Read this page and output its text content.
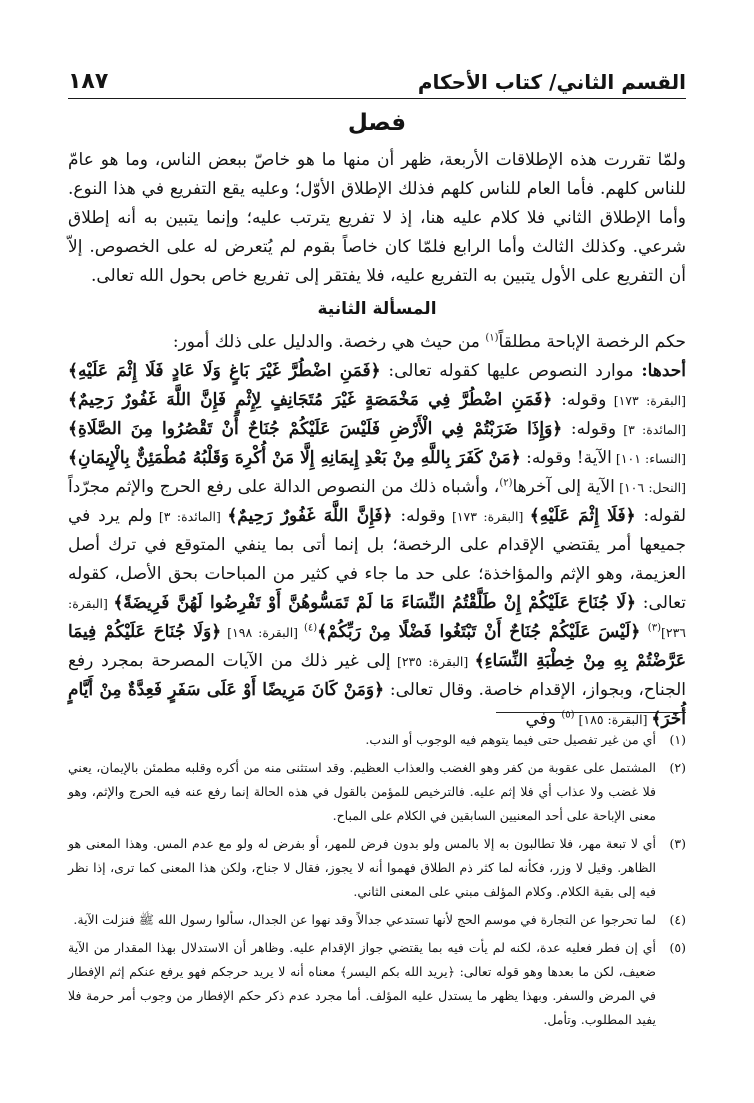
القسم الثاني/ كتاب الأحكام
١٨٧
فصل

ولمّا تقررت هذه الإطلاقات الأربعة، ظهر أن منها ما هو خاصّ ببعض الناس، وما هو عامّ للناس كلهم. فأما العام للناس كلهم فذلك الإطلاق الأوّل؛ وعليه يقع التفريع في هذا النوع. وأما الإطلاق الثاني فلا كلام عليه هنا، إذ لا تفريع يترتب عليه؛ وإنما يتبين به أنه إطلاق شرعي. وكذلك الثالث وأما الرابع فلمّا كان خاصاً بقوم لم يُتعرض له على الخصوص. إلاّ أن التفريع على الأول يتبين به التفريع عليه، فلا يفتقر إلى تفريع خاص بحول الله تعالى.

المسألة الثانية

حكم الرخصة الإباحة مطلقاً$^{(١)}$ من حيث هي رخصة. والدليل على ذلك أمور:

أحدها: موارد النصوص عليها كقوله تعالى: ﴿فَمَنِ اضْطُرَّ غَيْرَ بَاغٍ وَلَا عَادٍ فَلَا إِثْمَ عَلَيْهِ﴾ [البقرة: ١٧٣] وقوله: ﴿فَمَنِ اضْطُرَّ فِي مَخْمَصَةٍ غَيْرَ مُتَجَانِفٍ لِإِثْمٍ فَإِنَّ اللَّهَ غَفُورٌ رَحِيمٌ﴾ [المائدة: ٣] وقوله: ﴿وَإِذَا ضَرَبْتُمْ فِي الْأَرْضِ فَلَيْسَ عَلَيْكُمْ جُنَاحٌ أَنْ تَقْصُرُوا مِنَ الصَّلَاةِ﴾ [النساء: ١٠١] الآية! وقوله: ﴿مَنْ كَفَرَ بِاللَّهِ مِنْ بَعْدِ إِيمَانِهِ إِلَّا مَنْ أُكْرِهَ وَقَلْبُهُ مُطْمَئِنٌّ بِالْإِيمَانِ﴾ [النحل: ١٠٦] الآية إلى آخرها$^{(٢)}$، وأشباه ذلك من النصوص الدالة على رفع الحرج والإثم مجرّداً لقوله: ﴿فَلَا إِثْمَ عَلَيْهِ﴾ [البقرة: ١٧٣] وقوله: ﴿فَإِنَّ اللَّهَ غَفُورٌ رَحِيمٌ﴾ [المائدة: ٣] ولم يرد في جميعها أمر يقتضي الإقدام على الرخصة؛ بل إنما أتى بما ينفي المتوقع في ترك أصل العزيمة، وهو الإثم والمؤاخذة؛ على حد ما جاء في كثير من المباحات بحق الأصل، كقوله تعالى: ﴿لَا جُنَاحَ عَلَيْكُمْ إِنْ طَلَّقْتُمُ النِّسَاءَ مَا لَمْ تَمَسُّوهُنَّ أَوْ تَفْرِضُوا لَهُنَّ فَرِيضَةً﴾ [البقرة: ٢٣٦]$^{(٣)}$ ﴿لَيْسَ عَلَيْكُمْ جُنَاحٌ أَنْ تَبْتَغُوا فَضْلًا مِنْ رَبِّكُمْ﴾$^{(٤)}$ [البقرة: ١٩٨] ﴿وَلَا جُنَاحَ عَلَيْكُمْ فِيمَا عَرَّضْتُمْ بِهِ مِنْ خِطْبَةِ النِّسَاءِ﴾ [البقرة: ٢٣٥] إلى غير ذلك من الآيات المصرحة بمجرد رفع الجناح، وبجواز، الإقدام خاصة. وقال تعالى: ﴿وَمَنْ كَانَ مَرِيضًا أَوْ عَلَى سَفَرٍ فَعِدَّةٌ مِنْ أَيَّامٍ أُخَرَ﴾ [البقرة: ١٨٥] $^{(٥)}$ وفي

(١)
أي من غير تفصيل حتى فيما يتوهم فيه الوجوب أو الندب.
(٢)
المشتمل على عقوبة من كفر وهو الغضب والعذاب العظيم. وقد استثنى منه من أكره وقلبه مطمئن بالإيمان، يعني فلا غضب ولا عذاب أي فلا إثم عليه. فالترخيص للمؤمن بالقول في هذه الحالة إنما رفع عنه فيه الحرج والإثم، وهو معنى الإباحة على أحد المعنيين السابقين في الكلام على المباح.
(٣)
أي لا تبعة مهر، فلا تطالبون به إلا بالمس ولو بدون فرض للمهر، أو بفرض له ولو مع عدم المس. وهذا المعنى هو الظاهر. وقيل لا وزر، فكأنه لما كثر ذم الطلاق فهموا أنه لا يجوز، فقال لا جناح، ولكن هذا المعنى كما ترى، إذا نظر فيه إلى بقية الكلام. وكلام المؤلف مبني على المعنى الثاني.
(٤)
لما تحرجوا عن التجارة في موسم الحج لأنها تستدعي جدالاً وقد نهوا عن الجدال، سألوا رسول الله ﷺ فنزلت الآية.
(٥)
أي إن فطر فعليه عدة، لكنه لم يأت فيه بما يقتضي جواز الإقدام عليه. وظاهر أن الاستدلال بهذا المقدار من الآية ضعيف، لكن ما بعدها وهو قوله تعالى: ﴿يريد الله بكم اليسر﴾ معناه أنه لا يريد حرجكم فهو يرفع عنكم إثم الإفطار في المرض والسفر. وبهذا يظهر ما يستدل عليه المؤلف. أما مجرد عدم ذكر حكم الإفطار من وجوب أمر حرمة فلا يفيد المطلوب. وتأمل.
